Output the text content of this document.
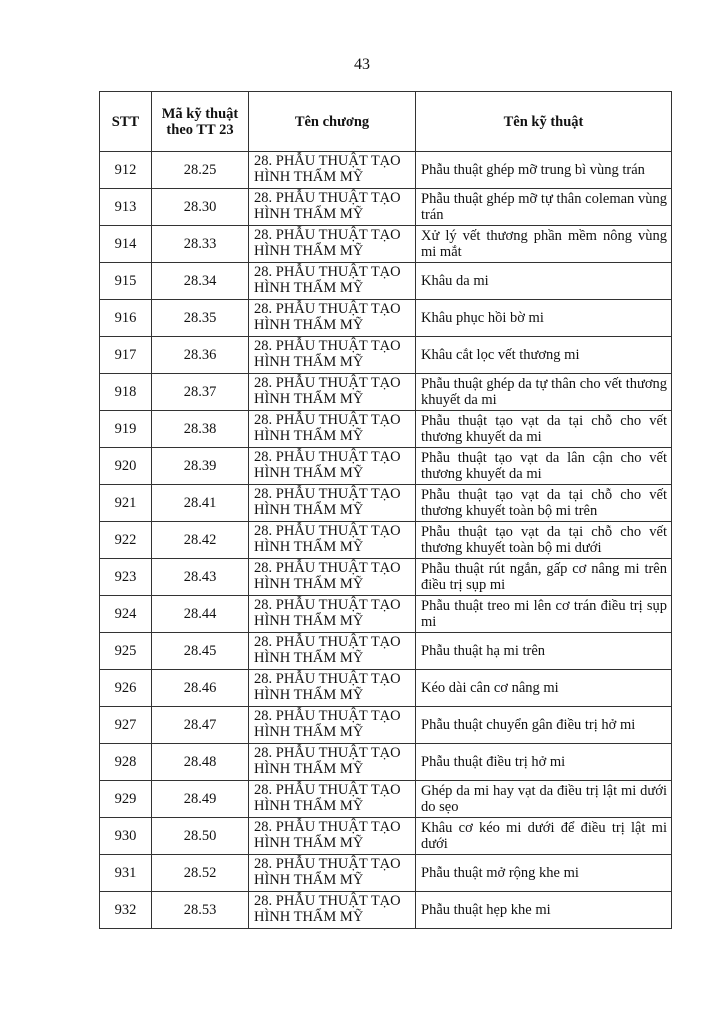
43
STT	Mã kỹ thuật theo TT 23	Tên chương	Tên kỹ thuật
912	28.25	28. PHẪU THUẬT TẠO HÌNH THẨM MỸ	Phẫu thuật ghép mỡ trung bì vùng trán
913	28.30	28. PHẪU THUẬT TẠO HÌNH THẨM MỸ	Phẫu thuật ghép mỡ tự thân coleman vùng trán
914	28.33	28. PHẪU THUẬT TẠO HÌNH THẨM MỸ	Xử lý vết thương phần mềm nông vùng mi mắt
915	28.34	28. PHẪU THUẬT TẠO HÌNH THẨM MỸ	Khâu da mi
916	28.35	28. PHẪU THUẬT TẠO HÌNH THẨM MỸ	Khâu phục hồi bờ mi
917	28.36	28. PHẪU THUẬT TẠO HÌNH THẨM MỸ	Khâu cắt lọc vết thương mi
918	28.37	28. PHẪU THUẬT TẠO HÌNH THẨM MỸ	Phẫu thuật ghép da tự thân cho vết thương khuyết da mi
919	28.38	28. PHẪU THUẬT TẠO HÌNH THẨM MỸ	Phẫu thuật tạo vạt da tại chỗ cho vết thương khuyết da mi
920	28.39	28. PHẪU THUẬT TẠO HÌNH THẨM MỸ	Phẫu thuật tạo vạt da lân cận cho vết thương khuyết da mi
921	28.41	28. PHẪU THUẬT TẠO HÌNH THẨM MỸ	Phẫu thuật tạo vạt da tại chỗ cho vết thương khuyết toàn bộ mi trên
922	28.42	28. PHẪU THUẬT TẠO HÌNH THẨM MỸ	Phẫu thuật tạo vạt da tại chỗ cho vết thương khuyết toàn bộ mi dưới
923	28.43	28. PHẪU THUẬT TẠO HÌNH THẨM MỸ	Phẫu thuật rút ngắn, gấp cơ nâng mi trên điều trị sụp mi
924	28.44	28. PHẪU THUẬT TẠO HÌNH THẨM MỸ	Phẫu thuật treo mi lên cơ trán điều trị sụp mi
925	28.45	28. PHẪU THUẬT TẠO HÌNH THẨM MỸ	Phẫu thuật hạ mi trên
926	28.46	28. PHẪU THUẬT TẠO HÌNH THẨM MỸ	Kéo dài cân cơ nâng mi
927	28.47	28. PHẪU THUẬT TẠO HÌNH THẨM MỸ	Phẫu thuật chuyển gân điều trị hở mi
928	28.48	28. PHẪU THUẬT TẠO HÌNH THẨM MỸ	Phẫu thuật điều trị hở mi
929	28.49	28. PHẪU THUẬT TẠO HÌNH THẨM MỸ	Ghép da mi hay vạt da điều trị lật mi dưới do sẹo
930	28.50	28. PHẪU THUẬT TẠO HÌNH THẨM MỸ	Khâu cơ kéo mi dưới để điều trị lật mi dưới
931	28.52	28. PHẪU THUẬT TẠO HÌNH THẨM MỸ	Phẫu thuật mở rộng khe mi
932	28.53	28. PHẪU THUẬT TẠO HÌNH THẨM MỸ	Phẫu thuật hẹp khe mi
